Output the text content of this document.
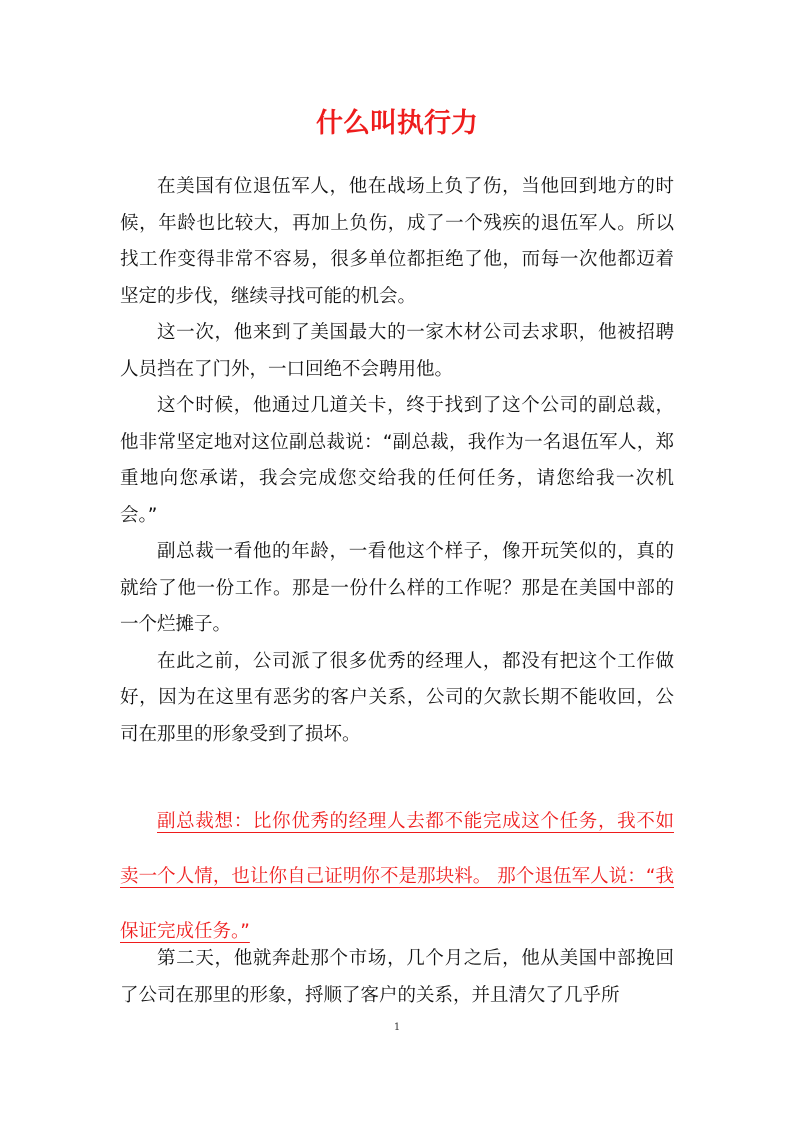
什么叫执行力

在美国有位退伍军人，他在战场上负了伤，当他回到地方的时候，年龄也比较大，再加上负伤，成了一个残疾的退伍军人。所以找工作变得非常不容易，很多单位都拒绝了他，而每一次他都迈着坚定的步伐，继续寻找可能的机会。

这一次，他来到了美国最大的一家木材公司去求职，他被招聘人员挡在了门外，一口回绝不会聘用他。

这个时候，他通过几道关卡，终于找到了这个公司的副总裁，他非常坚定地对这位副总裁说：“副总裁，我作为一名退伍军人，郑重地向您承诺，我会完成您交给我的任何任务，请您给我一次机会。”

副总裁一看他的年龄，一看他这个样子，像开玩笑似的，真的就给了他一份工作。那是一份什么样的工作呢？那是在美国中部的一个烂摊子。

在此之前，公司派了很多优秀的经理人，都没有把这个工作做好，因为在这里有恶劣的客户关系，公司的欠款长期不能收回，公司在那里的形象受到了损坏。

副总裁想：比你优秀的经理人去都不能完成这个任务，我不如卖一个人情，也让你自己证明你不是那块料。 那个退伍军人说：“我保证完成任务。”

第二天，他就奔赴那个市场，几个月之后，他从美国中部挽回了公司在那里的形象，捋顺了客户的关系，并且清欠了几乎所

1
